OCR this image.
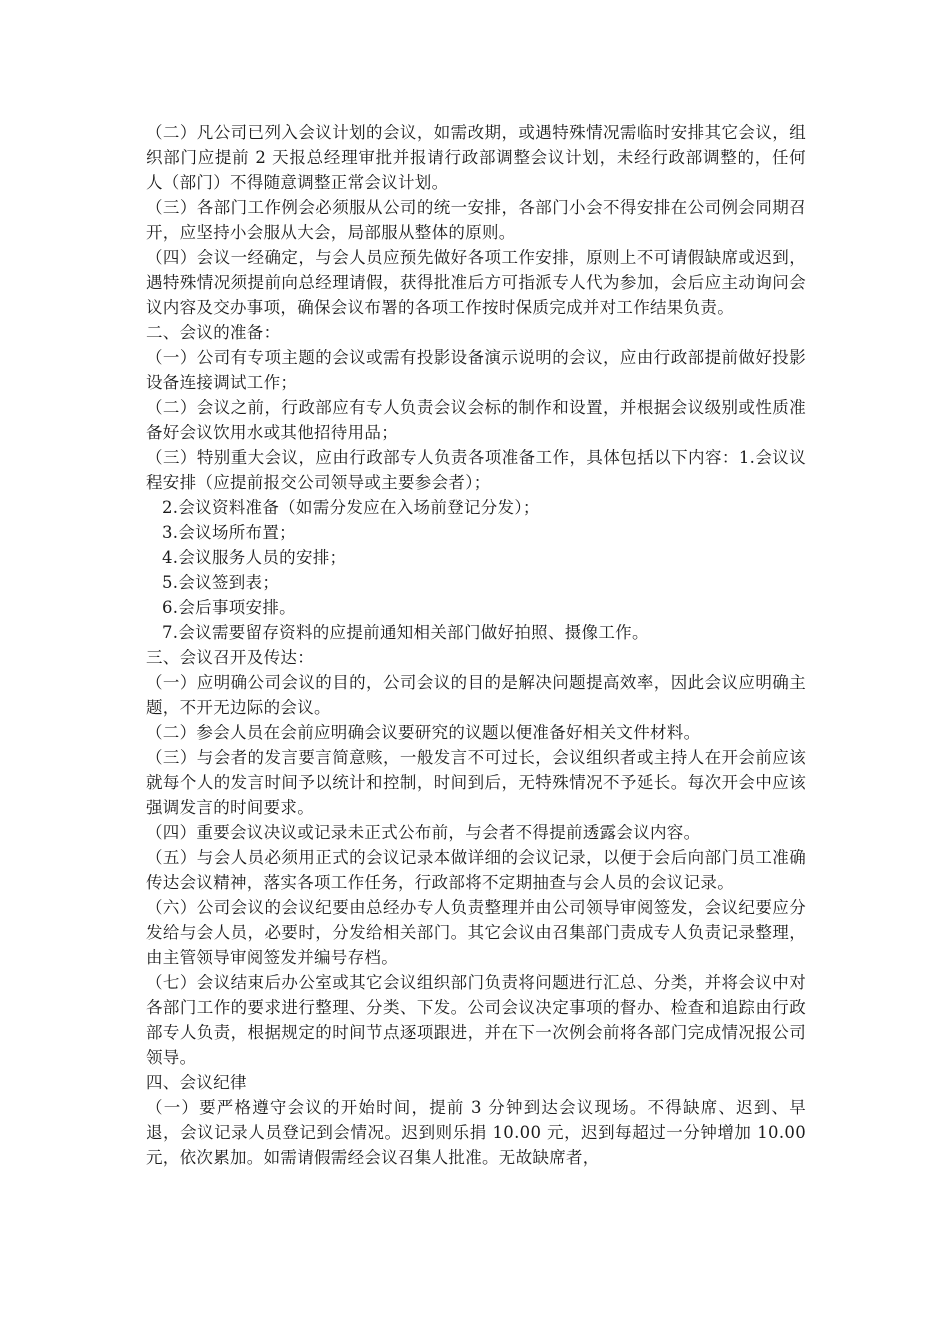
（二）凡公司已列入会议计划的会议，如需改期，或遇特殊情况需临时安排其它会议，组织部门应提前 2 天报总经理审批并报请行政部调整会议计划，未经行政部调整的，任何人（部门）不得随意调整正常会议计划。

（三）各部门工作例会必须服从公司的统一安排，各部门小会不得安排在公司例会同期召开，应坚持小会服从大会，局部服从整体的原则。

（四）会议一经确定，与会人员应预先做好各项工作安排，原则上不可请假缺席或迟到，遇特殊情况须提前向总经理请假，获得批准后方可指派专人代为参加，会后应主动询问会议内容及交办事项，确保会议布署的各项工作按时保质完成并对工作结果负责。

二、会议的准备：

（一）公司有专项主题的会议或需有投影设备演示说明的会议，应由行政部提前做好投影设备连接调试工作；

（二）会议之前，行政部应有专人负责会议会标的制作和设置，并根据会议级别或性质准备好会议饮用水或其他招待用品；

（三）特别重大会议，应由行政部专人负责各项准备工作，具体包括以下内容：1.会议议程安排（应提前报交公司领导或主要参会者）；

2.会议资料准备（如需分发应在入场前登记分发）；

3.会议场所布置；

4.会议服务人员的安排；

5.会议签到表；

6.会后事项安排。

7.会议需要留存资料的应提前通知相关部门做好拍照、摄像工作。

三、会议召开及传达：

（一）应明确公司会议的目的，公司会议的目的是解决问题提高效率，因此会议应明确主题，不开无边际的会议。

（二）参会人员在会前应明确会议要研究的议题以便准备好相关文件材料。

（三）与会者的发言要言简意赅，一般发言不可过长，会议组织者或主持人在开会前应该就每个人的发言时间予以统计和控制，时间到后，无特殊情况不予延长。每次开会中应该强调发言的时间要求。

（四）重要会议决议或记录未正式公布前，与会者不得提前透露会议内容。

（五）与会人员必须用正式的会议记录本做详细的会议记录，以便于会后向部门员工准确传达会议精神，落实各项工作任务，行政部将不定期抽查与会人员的会议记录。

（六）公司会议的会议纪要由总经办专人负责整理并由公司领导审阅签发，会议纪要应分发给与会人员，必要时，分发给相关部门。其它会议由召集部门责成专人负责记录整理，由主管领导审阅签发并编号存档。

（七）会议结束后办公室或其它会议组织部门负责将问题进行汇总、分类，并将会议中对各部门工作的要求进行整理、分类、下发。公司会议决定事项的督办、检查和追踪由行政部专人负责，根据规定的时间节点逐项跟进，并在下一次例会前将各部门完成情况报公司领导。

四、会议纪律

（一）要严格遵守会议的开始时间，提前 3 分钟到达会议现场。不得缺席、迟到、早退，会议记录人员登记到会情况。迟到则乐捐 10.00 元，迟到每超过一分钟增加 10.00 元，依次累加。如需请假需经会议召集人批准。无故缺席者，
